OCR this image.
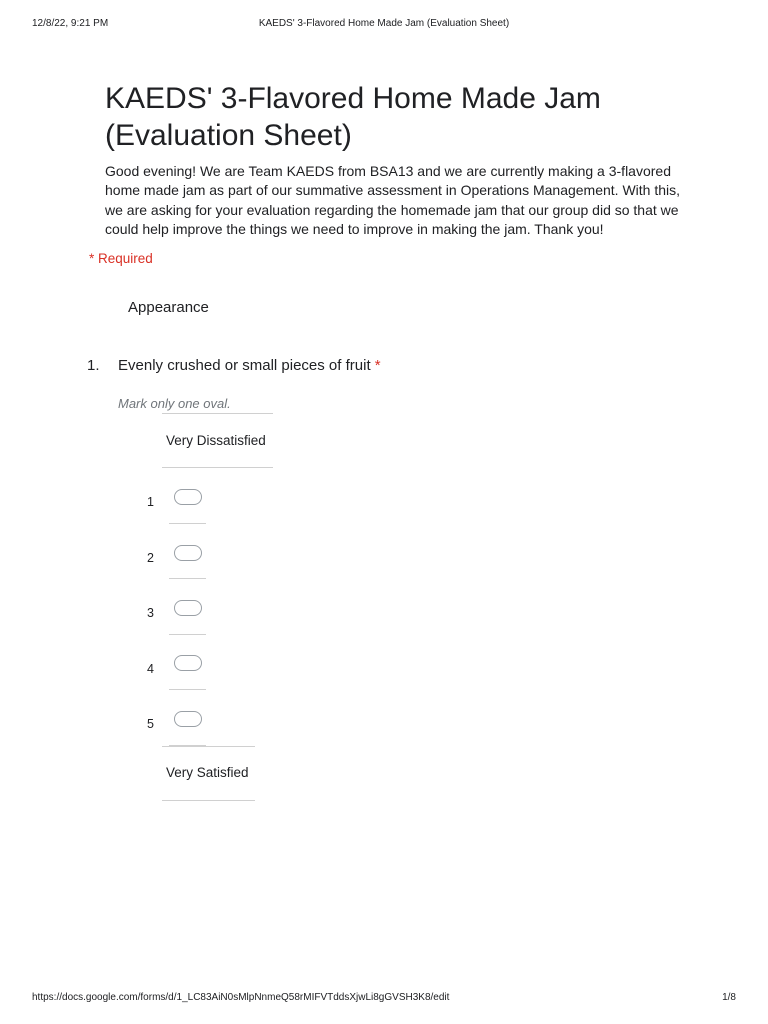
12/8/22, 9:21 PM	KAEDS' 3-Flavored Home Made Jam (Evaluation Sheet)
KAEDS' 3-Flavored Home Made Jam
(Evaluation Sheet)

Good evening! We are Team KAEDS from BSA13 and we are currently making a 3-flavored home made jam as part of our summative assessment in Operations Management. With this, we are asking for your evaluation regarding the homemade jam that our group did so that we could help improve the things we need to improve in making the jam. Thank you!

* Required
Appearance
1. Evenly crushed or small pieces of fruit *
Mark only one oval.
Very Dissatisfied
1
2
3
4
5
Very Satisfied
https://docs.google.com/forms/d/1_LC83AiN0sMlpNnmeQ58rMIFVTddsXjwLi8gGVSH3K8/edit	1/8
